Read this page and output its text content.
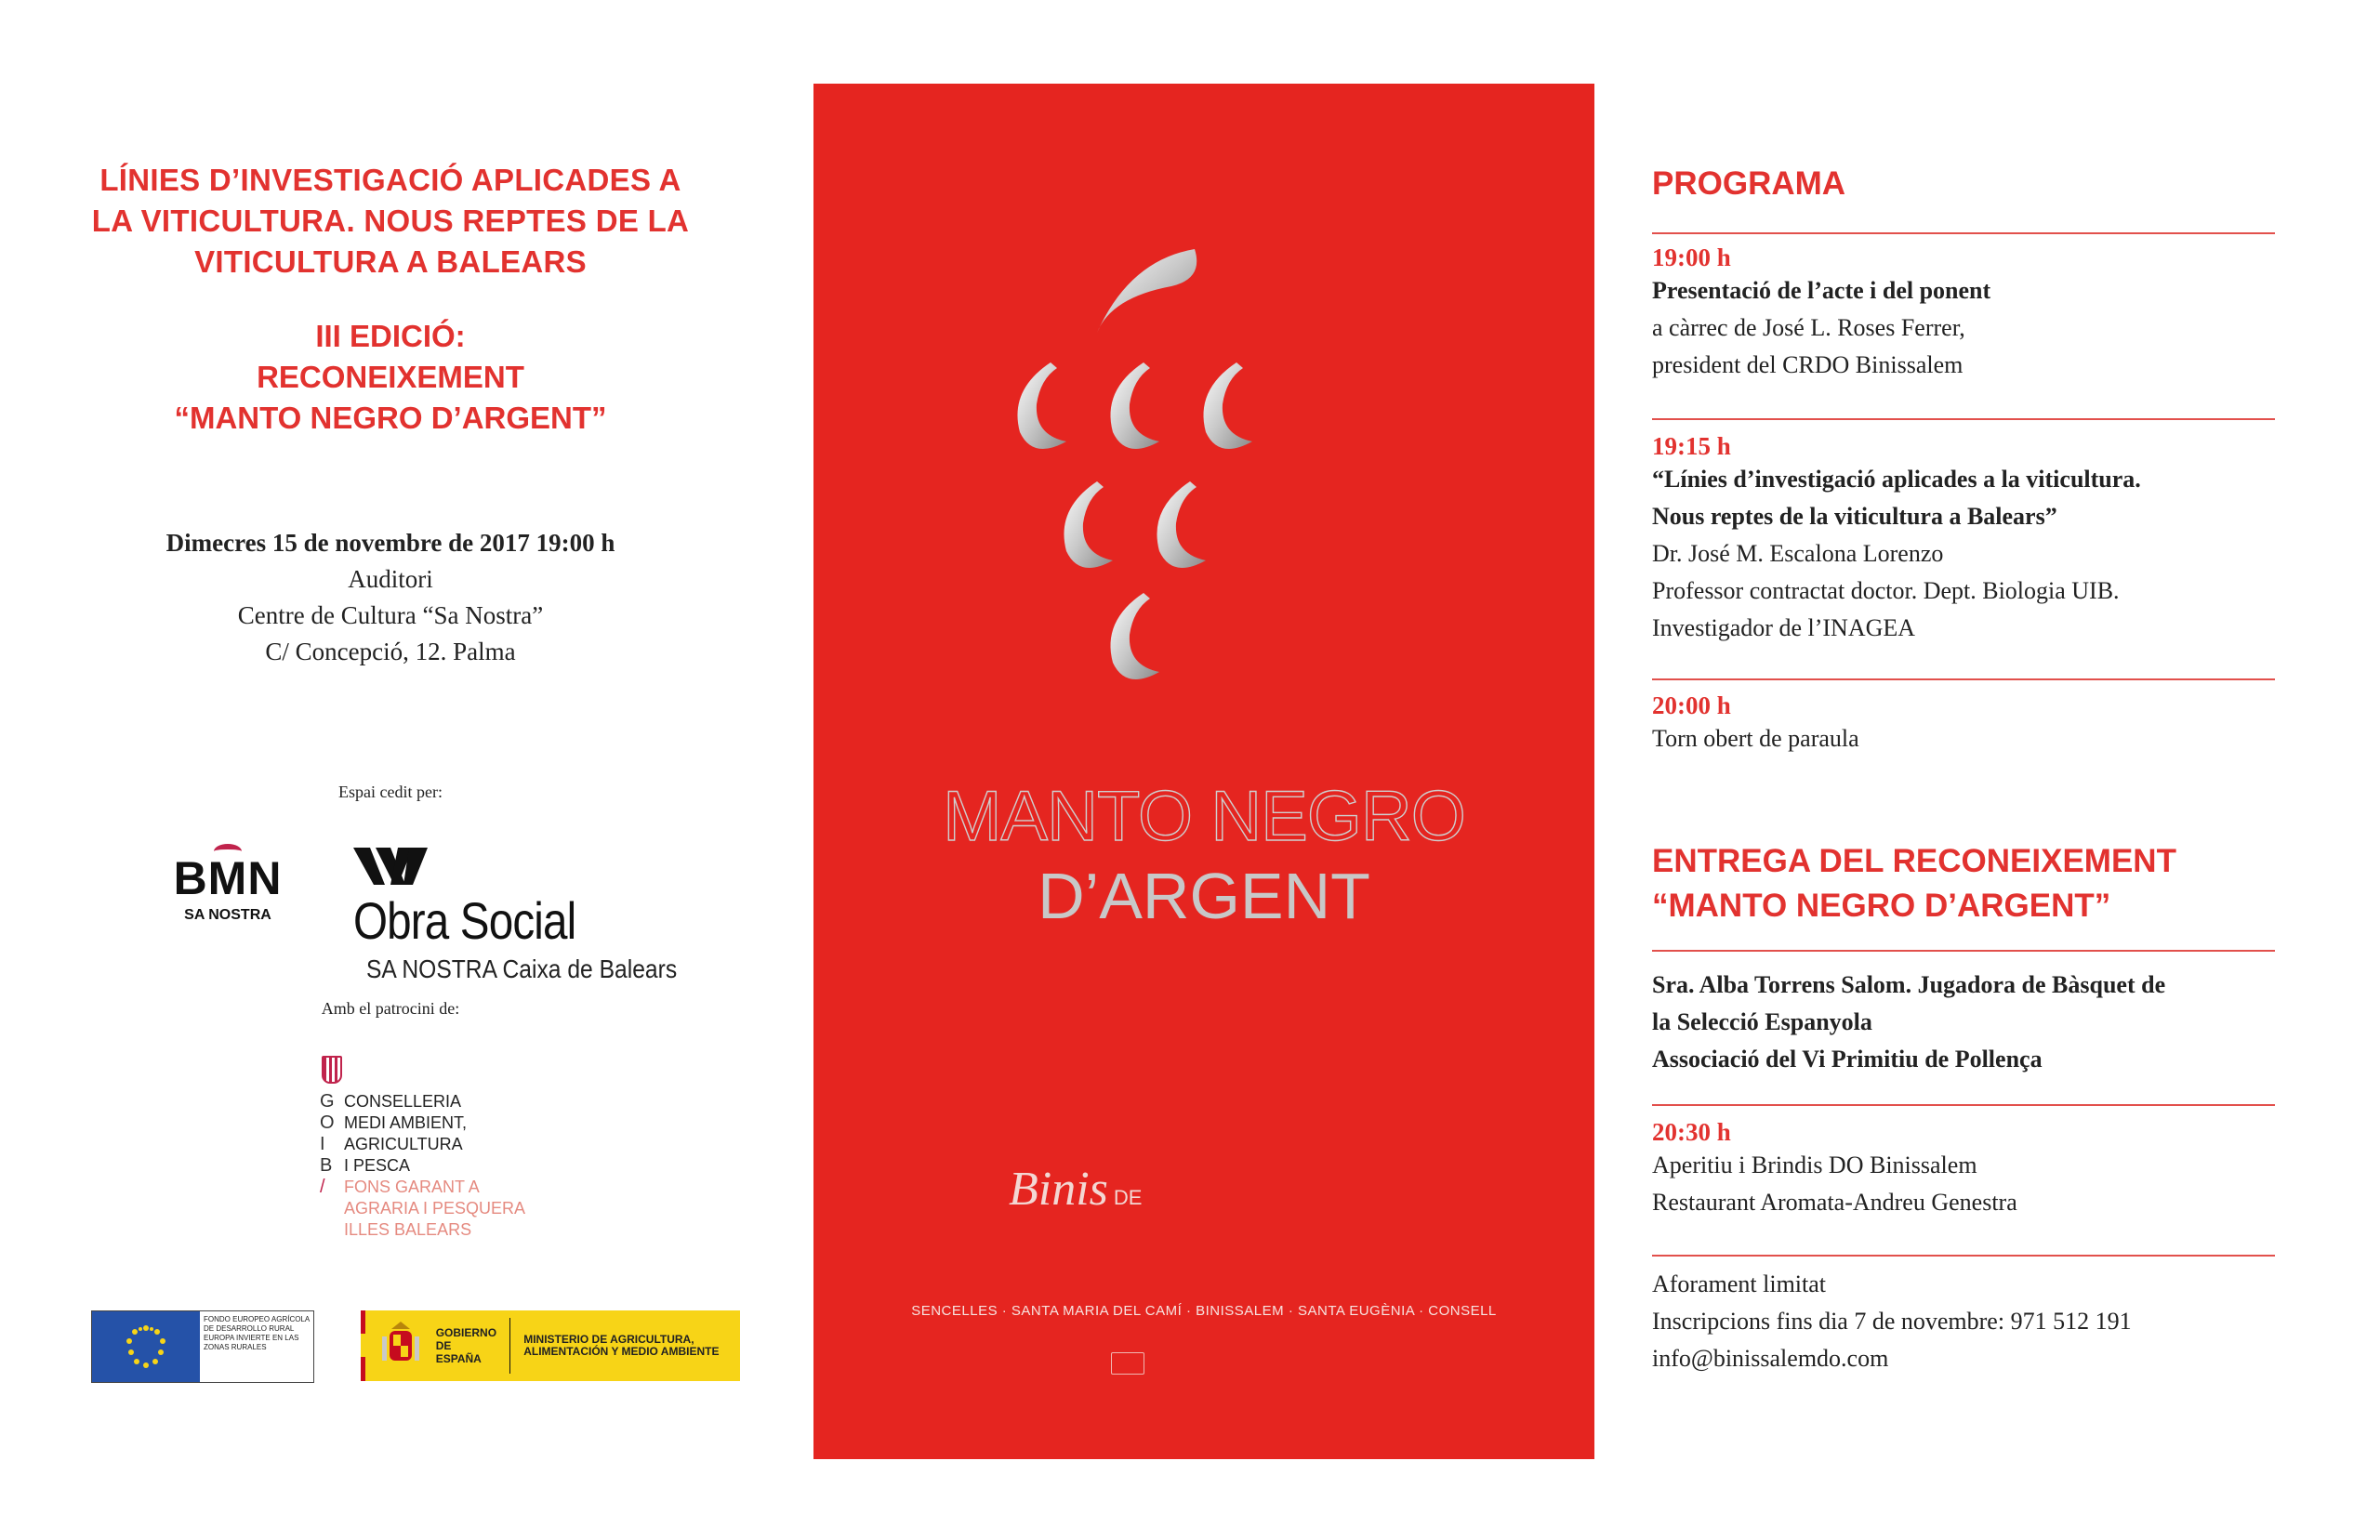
LÍNIES D’INVESTIGACIÓ APLICADES A
LA VITICULTURA. NOUS REPTES DE LA
VITICULTURA A BALEARS
III EDICIÓ:
RECONEIXEMENT
“MANTO NEGRO D’ARGENT”
Dimecres 15 de novembre de 2017 19:00 h
Auditori
Centre de Cultura “Sa Nostra”
C/ Concepció, 12. Palma
Espai cedit per:
BMN
SA NOSTRA	Obra Social
SA NOSTRA Caixa de Balears
Amb el patrocini de:
G CONSELLERIA
O MEDI AMBIENT,
I	AGRICULTURA
B I PESCA
/	FONS GARANT A
AGRARIA I PESQUERA
ILLES BALEARS
FONDO EUROPEO AGRÍCOLA DE DESARROLLO RURAL EUROPA INVIERTE EN LAS ZONAS RURALES
GOBIERNO DE ESPAÑA
MINISTERIO DE AGRICULTURA, ALIMENTACIÓN Y MEDIO AMBIENTE
MANTO NEGRO
D’ARGENT
Binis DE
SENCELLES · SANTA MARIA DEL CAMÍ · BINISSALEM · SANTA EUGÈNIA · CONSELL
PROGRAMA
19:00 h
Presentació de l’acte i del ponent
a càrrec de José L. Roses Ferrer,
president del CRDO Binissalem
19:15 h
“Línies d’investigació aplicades a la viticultura.
Nous reptes de la viticultura a Balears”
Dr. José M. Escalona Lorenzo
Professor contractat doctor. Dept. Biologia UIB.
Investigador de l’INAGEA
20:00 h
Torn obert de paraula
ENTREGA DEL RECONEIXEMENT
“MANTO NEGRO D’ARGENT”
Sra. Alba Torrens Salom. Jugadora de Bàsquet de
la Selecció Espanyola
Associació del Vi Primitiu de Pollença
20:30 h
Aperitiu i Brindis DO Binissalem
Restaurant Aromata-Andreu Genestra
Aforament limitat
Inscripcions fins dia 7 de novembre: 971 512 191
info@binissalemdo.com
